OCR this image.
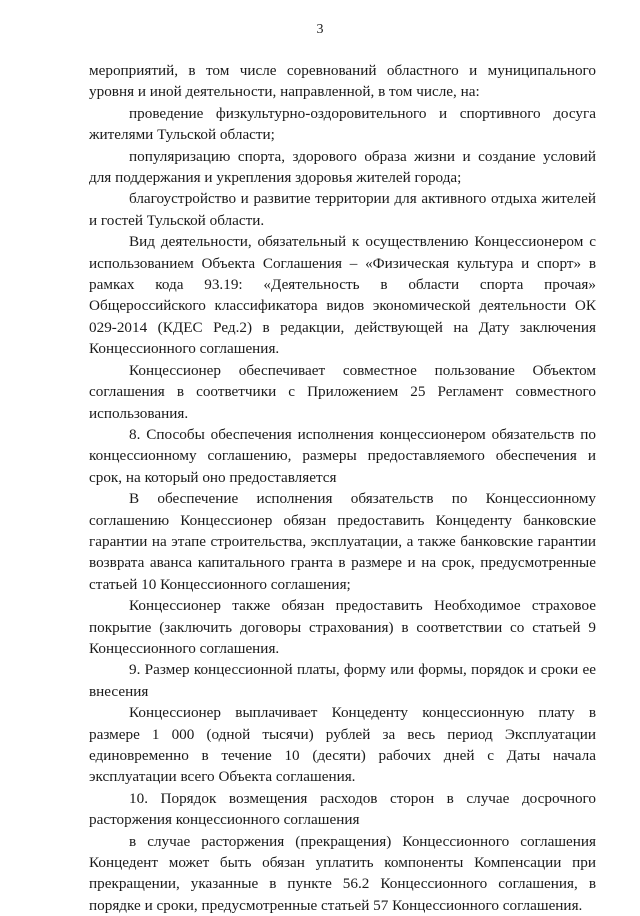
3

мероприятий, в том числе соревнований областного и муниципального уровня и иной деятельности, направленной, в том числе, на:

проведение физкультурно-оздоровительного и спортивного досуга жителями Тульской области;

популяризацию спорта, здорового образа жизни и создание условий для поддержания и укрепления здоровья жителей города;

благоустройство и развитие территории для активного отдыха жителей и гостей Тульской области.

Вид деятельности, обязательный к осуществлению Концессионером с использованием Объекта Соглашения – «Физическая культура и спорт» в рамках кода 93.19: «Деятельность в области спорта прочая» Общероссийского классификатора видов экономической деятельности ОК 029-2014 (КДЕС Ред.2) в редакции, действующей на Дату заключения Концессионного соглашения.

Концессионер обеспечивает совместное пользование Объектом соглашения в соответчики с Приложением 25 Регламент совместного использования.

8. Способы обеспечения исполнения концессионером обязательств по концессионному соглашению, размеры предоставляемого обеспечения и срок, на который оно предоставляется

В обеспечение исполнения обязательств по Концессионному соглашению Концессионер обязан предоставить Концеденту банковские гарантии на этапе строительства, эксплуатации, а также банковские гарантии возврата аванса капитального гранта в размере и на срок, предусмотренные статьей 10 Концессионного соглашения;

Концессионер также обязан предоставить Необходимое страховое покрытие (заключить договоры страхования) в соответствии со статьей 9 Концессионного соглашения.

9. Размер концессионной платы, форму или формы, порядок и сроки ее внесения

Концессионер выплачивает Концеденту концессионную плату в размере 1 000 (одной тысячи) рублей за весь период Эксплуатации единовременно в течение 10 (десяти) рабочих дней с Даты начала эксплуатации всего Объекта соглашения.

10. Порядок возмещения расходов сторон в случае досрочного расторжения концессионного соглашения

в случае расторжения (прекращения) Концессионного соглашения Концедент может быть обязан уплатить компоненты Компенсации при прекращении, указанные в пункте 56.2 Концессионного соглашения, в порядке и сроки, предусмотренные статьей 57 Концессионного соглашения.
